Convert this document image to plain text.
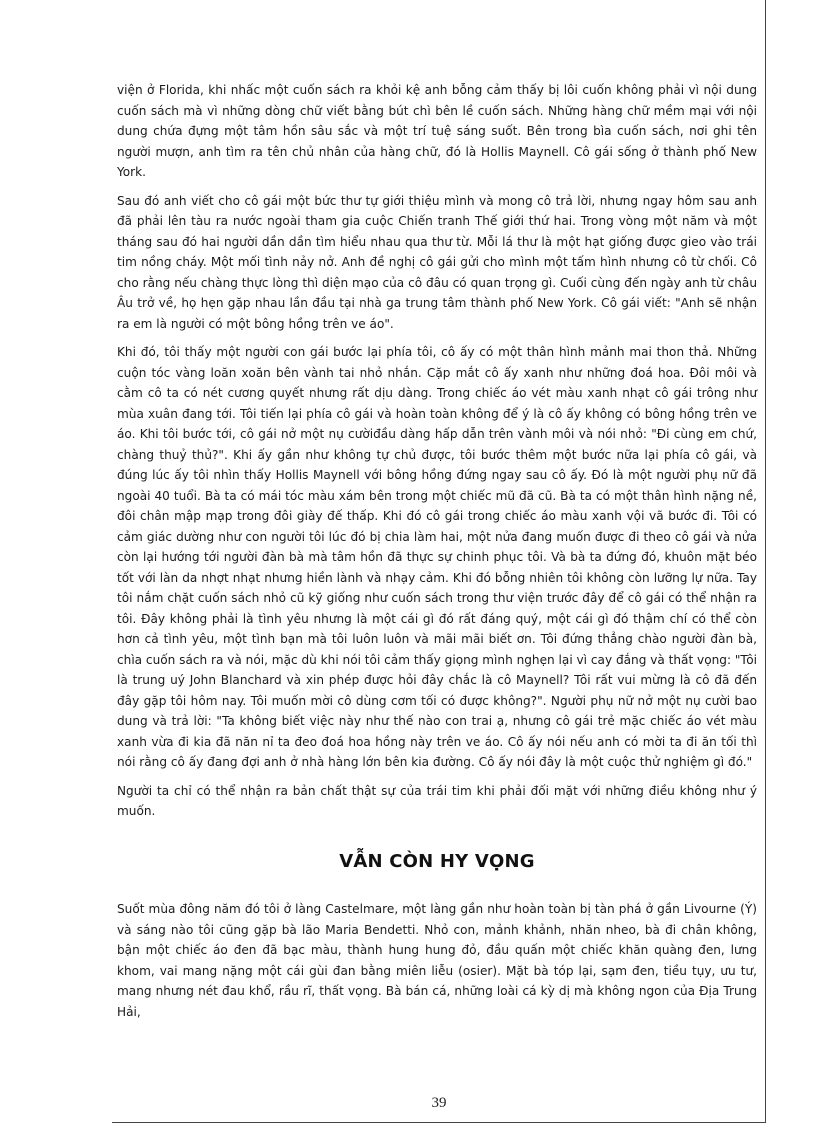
viện ở Florida, khi nhấc một cuốn sách ra khỏi kệ anh bỗng cảm thấy bị lôi cuốn không phải vì nội dung cuốn sách mà vì những dòng chữ viết bằng bút chì bên lề cuốn sách. Những hàng chữ mềm mại với nội dung chứa đựng một tâm hồn sâu sắc và một trí tuệ sáng suốt. Bên trong bìa cuốn sách, nơi ghi tên người mượn, anh tìm ra tên chủ nhân của hàng chữ, đó là Hollis Maynell. Cô gái sống ở thành phố New York.

Sau đó anh viết cho cô gái một bức thư tự giới thiệu mình và mong cô trả lời, nhưng ngay hôm sau anh đã phải lên tàu ra nước ngoài tham gia cuộc Chiến tranh Thế giới thứ hai. Trong vòng một năm và một tháng sau đó hai người dần dần tìm hiểu nhau qua thư từ. Mỗi lá thư là một hạt giống được gieo vào trái tim nồng cháy. Một mối tình nảy nở. Anh đề nghị cô gái gửi cho mình một tấm hình nhưng cô từ chối. Cô cho rằng nếu chàng thực lòng thì diện mạo của cô đâu có quan trọng gì. Cuối cùng đến ngày anh từ châu Âu trở về, họ hẹn gặp nhau lần đầu tại nhà ga trung tâm thành phố New York. Cô gái viết: "Anh sẽ nhận ra em là người có một bông hồng trên ve áo".

Khi đó, tôi thấy một người con gái bước lại phía tôi, cô ấy có một thân hình mảnh mai thon thả. Những cuộn tóc vàng loăn xoăn bên vành tai nhỏ nhắn. Cặp mắt cô ấy xanh như những đoá hoa. Đôi môi và cằm cô ta có nét cương quyết nhưng rất dịu dàng. Trong chiếc áo vét màu xanh nhạt cô gái trông như mùa xuân đang tới. Tôi tiến lại phía cô gái và hoàn toàn không để ý là cô ấy không có bông hồng trên ve áo. Khi tôi bước tới, cô gái nở một nụ cườiđầu dàng hấp dẫn trên vành môi và nói nhỏ: "Đi cùng em chứ, chàng thuỷ thủ?". Khi ấy gần như không tự chủ được, tôi bước thêm một bước nữa lại phía cô gái, và đúng lúc ấy tôi nhìn thấy Hollis Maynell với bông hồng đứng ngay sau cô ấy. Đó là một người phụ nữ đã ngoài 40 tuổi. Bà ta có mái tóc màu xám bên trong một chiếc mũ đã cũ. Bà ta có một thân hình nặng nề, đôi chân mập mạp trong đôi giày đế thấp. Khi đó cô gái trong chiếc áo màu xanh vội vã bước đi. Tôi có cảm giác dường như con người tôi lúc đó bị chia làm hai, một nửa đang muốn được đi theo cô gái và nửa còn lại hướng tới người đàn bà mà tâm hồn đã thực sự chinh phục tôi. Và bà ta đứng đó, khuôn mặt béo tốt với làn da nhợt nhạt nhưng hiền lành và nhạy cảm. Khi đó bỗng nhiên tôi không còn lưỡng lự nữa. Tay tôi nắm chặt cuốn sách nhỏ cũ kỹ giống như cuốn sách trong thư viện trước đây để cô gái có thể nhận ra tôi. Đây không phải là tình yêu nhưng là một cái gì đó rất đáng quý, một cái gì đó thậm chí có thể còn hơn cả tình yêu, một tình bạn mà tôi luôn luôn và mãi mãi biết ơn. Tôi đứng thẳng chào người đàn bà, chìa cuốn sách ra và nói, mặc dù khi nói tôi cảm thấy giọng mình nghẹn lại vì cay đắng và thất vọng: "Tôi là trung uý John Blanchard và xin phép được hỏi đây chắc là cô Maynell? Tôi rất vui mừng là cô đã đến đây gặp tôi hôm nay. Tôi muốn mời cô dùng cơm tối có được không?". Người phụ nữ nở một nụ cười bao dung và trả lời: "Ta không biết việc này như thế nào con trai ạ, nhưng cô gái trẻ mặc chiếc áo vét màu xanh vừa đi kia đã năn nỉ ta đeo đoá hoa hồng này trên ve áo. Cô ấy nói nếu anh có mời ta đi ăn tối thì nói rằng cô ấy đang đợi anh ở nhà hàng lớn bên kia đường. Cô ấy nói đây là một cuộc thử nghiệm gì đó."

Người ta chỉ có thể nhận ra bản chất thật sự của trái tim khi phải đối mặt với những điều không như ý muốn.

VẪN CÒN HY VỌNG

Suốt mùa đông năm đó tôi ở làng Castelmare, một làng gần như hoàn toàn bị tàn phá ở gần Livourne (Ý) và sáng nào tôi cũng gặp bà lão Maria Bendetti. Nhỏ con, mảnh khảnh, nhăn nheo, bà đi chân không, bận một chiếc áo đen đã bạc màu, thành hung hung đỏ, đầu quấn một chiếc khăn quàng đen, lưng khom, vai mang nặng một cái gùi đan bằng miên liễu (osier). Mặt bà tóp lại, sạm đen, tiều tụy, ưu tư, mang nhưng nét đau khổ, rầu rĩ, thất vọng. Bà bán cá, những loài cá kỳ dị mà không ngon của Địa Trung Hải,

39
